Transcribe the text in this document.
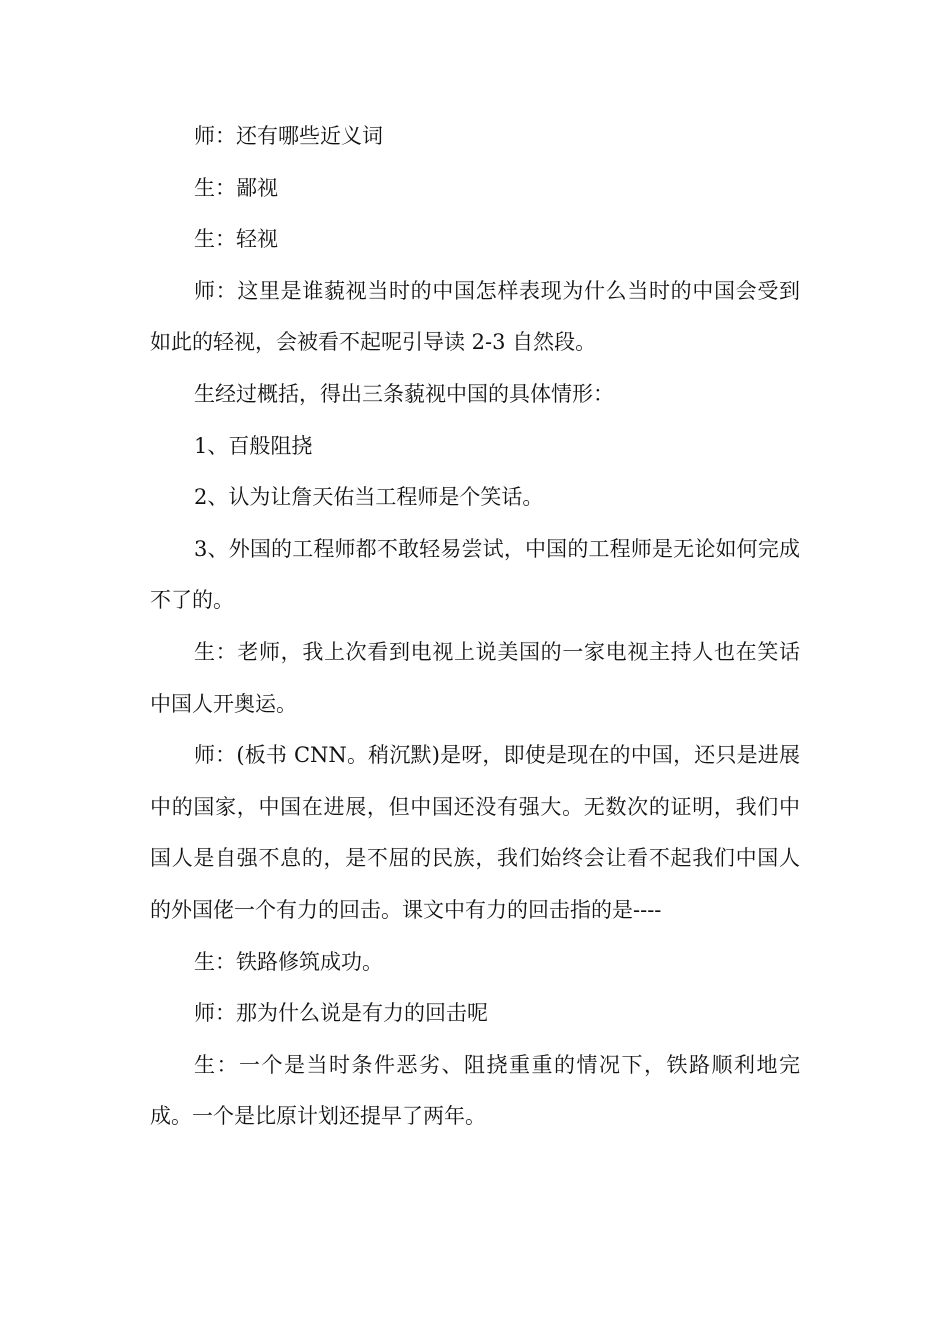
师：还有哪些近义词

生：鄙视

生：轻视

师：这里是谁藐视当时的中国怎样表现为什么当时的中国会受到如此的轻视，会被看不起呢引导读 2-3 自然段。

生经过概括，得出三条藐视中国的具体情形：

1、百般阻挠

2、认为让詹天佑当工程师是个笑话。

3、外国的工程师都不敢轻易尝试，中国的工程师是无论如何完成不了的。

生：老师，我上次看到电视上说美国的一家电视主持人也在笑话中国人开奥运。

师：(板书 CNN。稍沉默)是呀，即使是现在的中国，还只是进展中的国家，中国在进展，但中国还没有强大。无数次的证明，我们中国人是自强不息的，是不屈的民族，我们始终会让看不起我们中国人的外国佬一个有力的回击。课文中有力的回击指的是----

生：铁路修筑成功。

师：那为什么说是有力的回击呢

生：一个是当时条件恶劣、阻挠重重的情况下，铁路顺利地完成。一个是比原计划还提早了两年。
